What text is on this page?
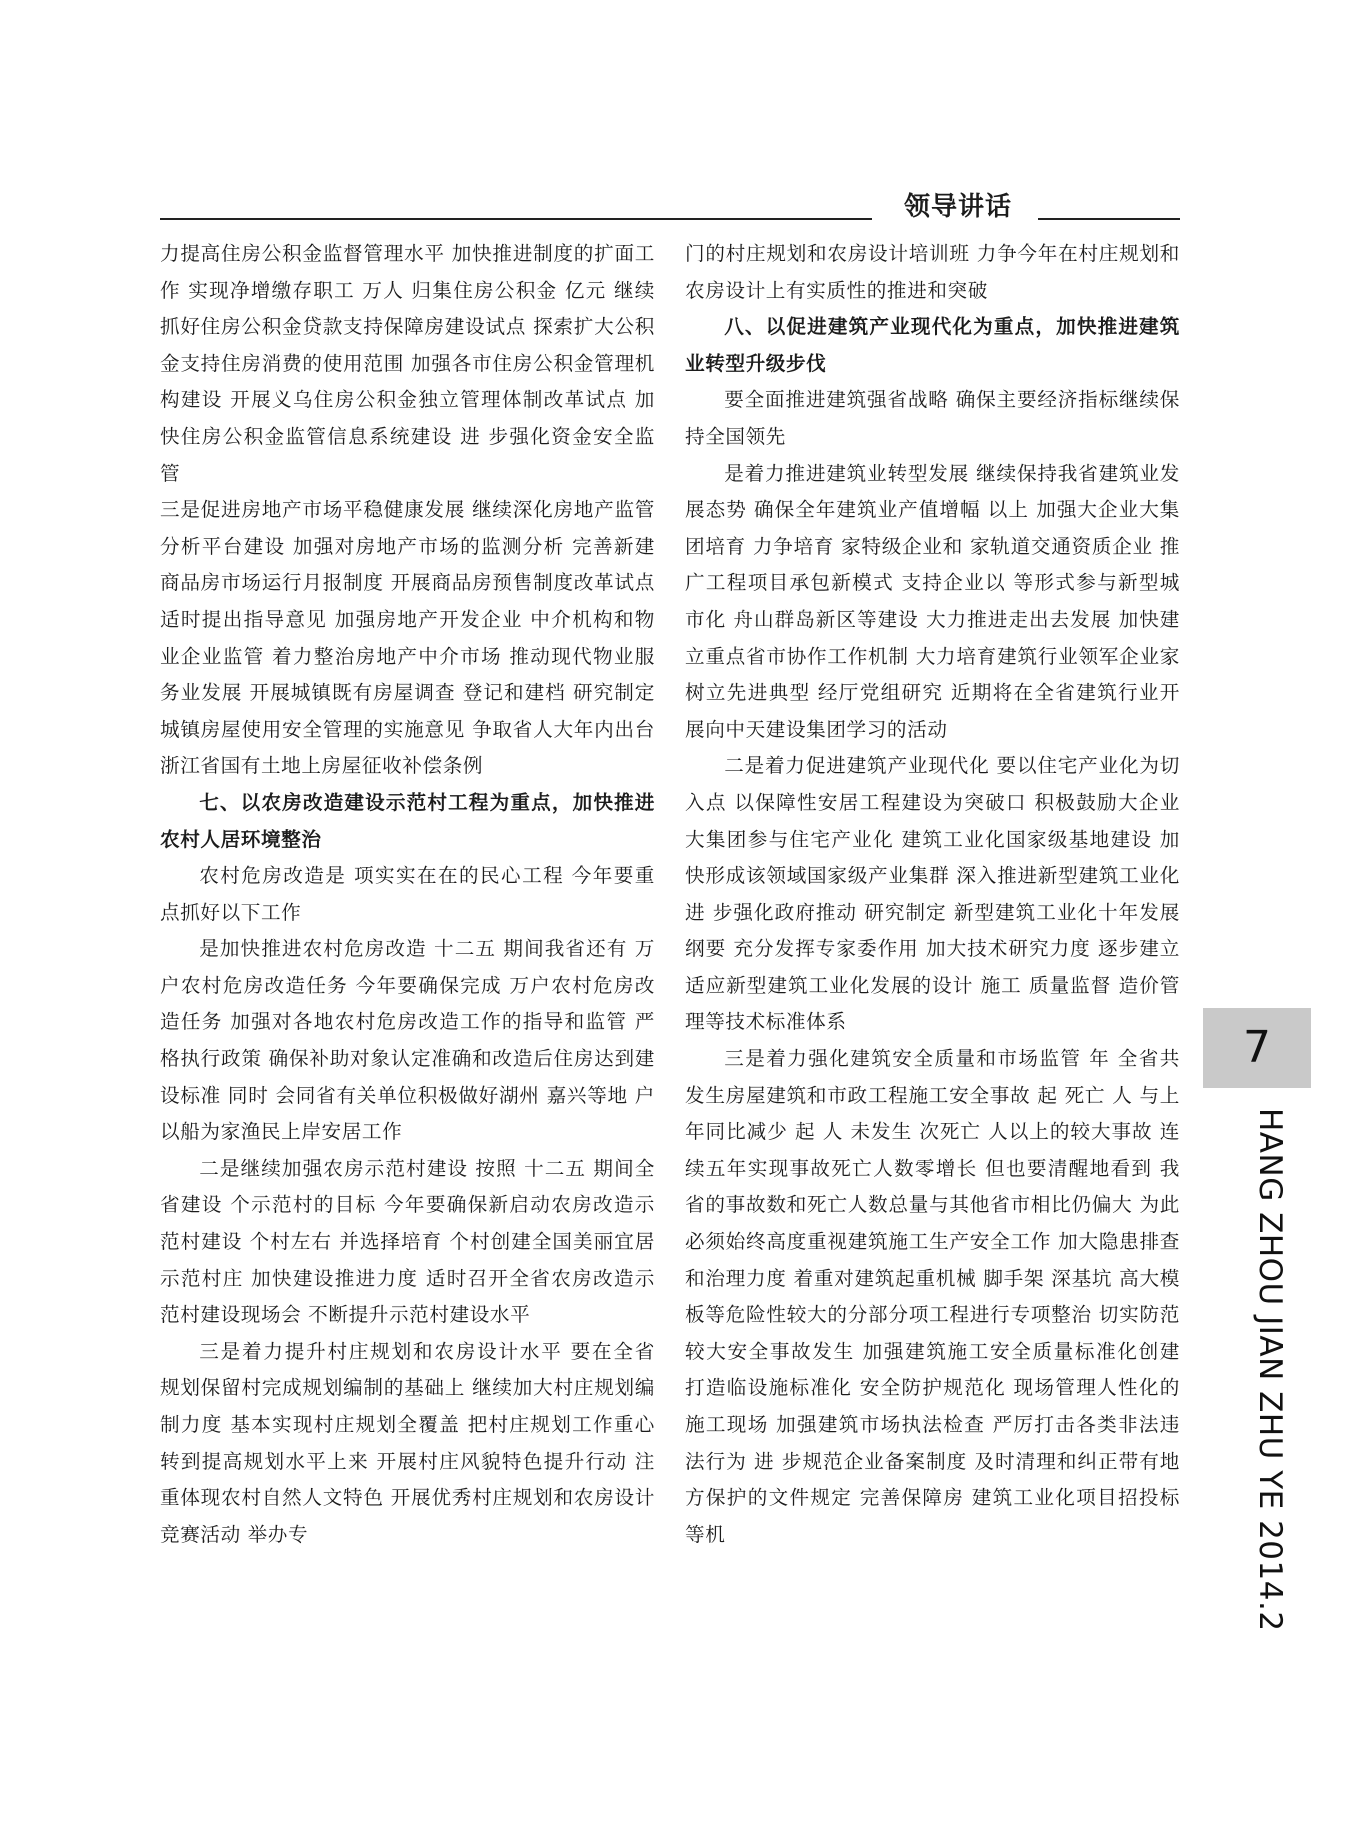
领导讲话

力提高住房公积金监督管理水平 加快推进制度的扩面工作 实现净增缴存职工 万人 归集住房公积金 亿元 继续抓好住房公积金贷款支持保障房建设试点 探索扩大公积金支持住房消费的使用范围 加强各市住房公积金管理机构建设 开展义乌住房公积金独立管理体制改革试点 加快住房公积金监管信息系统建设 进 步强化资金安全监管

三是促进房地产市场平稳健康发展 继续深化房地产监管分析平台建设 加强对房地产市场的监测分析 完善新建商品房市场运行月报制度 开展商品房预售制度改革试点 适时提出指导意见 加强房地产开发企业 中介机构和物业企业监管 着力整治房地产中介市场 推动现代物业服务业发展 开展城镇既有房屋调查 登记和建档 研究制定城镇房屋使用安全管理的实施意见 争取省人大年内出台 浙江省国有土地上房屋征收补偿条例

七、以农房改造建设示范村工程为重点，加快推进农村人居环境整治

农村危房改造是 项实实在在的民心工程 今年要重点抓好以下工作

是加快推进农村危房改造 十二五 期间我省还有 万户农村危房改造任务 今年要确保完成 万户农村危房改造任务 加强对各地农村危房改造工作的指导和监管 严格执行政策 确保补助对象认定准确和改造后住房达到建设标准 同时 会同省有关单位积极做好湖州 嘉兴等地 户以船为家渔民上岸安居工作

二是继续加强农房示范村建设 按照 十二五 期间全省建设 个示范村的目标 今年要确保新启动农房改造示范村建设 个村左右 并选择培育 个村创建全国美丽宜居示范村庄 加快建设推进力度 适时召开全省农房改造示范村建设现场会 不断提升示范村建设水平

三是着力提升村庄规划和农房设计水平 要在全省 规划保留村完成规划编制的基础上 继续加大村庄规划编制力度 基本实现村庄规划全覆盖 把村庄规划工作重心转到提高规划水平上来 开展村庄风貌特色提升行动 注重体现农村自然人文特色 开展优秀村庄规划和农房设计竞赛活动 举办专

门的村庄规划和农房设计培训班 力争今年在村庄规划和农房设计上有实质性的推进和突破

八、以促进建筑产业现代化为重点，加快推进建筑业转型升级步伐

要全面推进建筑强省战略 确保主要经济指标继续保持全国领先

是着力推进建筑业转型发展 继续保持我省建筑业发展态势 确保全年建筑业产值增幅 以上 加强大企业大集团培育 力争培育 家特级企业和 家轨道交通资质企业 推广工程项目承包新模式 支持企业以 等形式参与新型城市化 舟山群岛新区等建设 大力推进走出去发展 加快建立重点省市协作工作机制 大力培育建筑行业领军企业家 树立先进典型 经厅党组研究 近期将在全省建筑行业开展向中天建设集团学习的活动

二是着力促进建筑产业现代化 要以住宅产业化为切入点 以保障性安居工程建设为突破口 积极鼓励大企业 大集团参与住宅产业化 建筑工业化国家级基地建设 加快形成该领域国家级产业集群 深入推进新型建筑工业化 进 步强化政府推动 研究制定 新型建筑工业化十年发展纲要 充分发挥专家委作用 加大技术研究力度 逐步建立适应新型建筑工业化发展的设计 施工 质量监督 造价管理等技术标准体系

三是着力强化建筑安全质量和市场监管 年 全省共发生房屋建筑和市政工程施工安全事故 起 死亡 人 与上年同比减少 起 人 未发生 次死亡 人以上的较大事故 连续五年实现事故死亡人数零增长 但也要清醒地看到 我省的事故数和死亡人数总量与其他省市相比仍偏大 为此 必须始终高度重视建筑施工生产安全工作 加大隐患排查和治理力度 着重对建筑起重机械 脚手架 深基坑 高大模板等危险性较大的分部分项工程进行专项整治 切实防范较大安全事故发生 加强建筑施工安全质量标准化创建 打造临设施标准化 安全防护规范化 现场管理人性化的施工现场 加强建筑市场执法检查 严厉打击各类非法违法行为 进 步规范企业备案制度 及时清理和纠正带有地方保护的文件规定 完善保障房 建筑工业化项目招投标等机

7
HANG ZHOU JIAN ZHU YE 2014.2
